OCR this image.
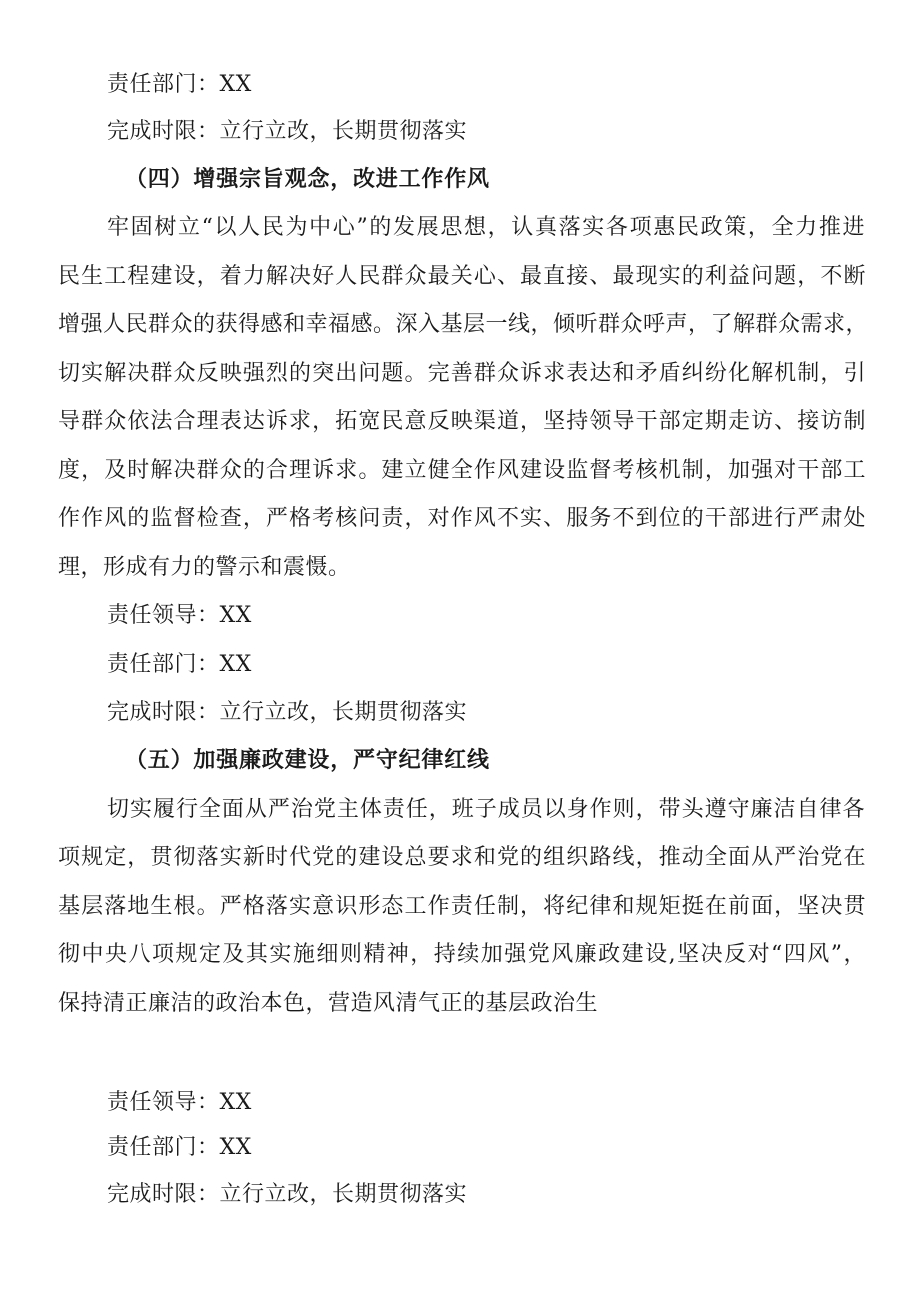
责任部门：XX
完成时限：立行立改，长期贯彻落实
（四）增强宗旨观念，改进工作作风
牢固树立“以人民为中心”的发展思想，认真落实各项惠民政策，全力推进
民生工程建设，着力解决好人民群众最关心、最直接、最现实的利益问题，不断
增强人民群众的获得感和幸福感。深入基层一线，倾听群众呼声，了解群众需求，
切实解决群众反映强烈的突出问题。完善群众诉求表达和矛盾纠纷化解机制，引
导群众依法合理表达诉求，拓宽民意反映渠道，坚持领导干部定期走访、接访制
度，及时解决群众的合理诉求。建立健全作风建设监督考核机制，加强对干部工
作作风的监督检查，严格考核问责，对作风不实、服务不到位的干部进行严肃处
理，形成有力的警示和震慑。
责任领导：XX
责任部门：XX
完成时限：立行立改，长期贯彻落实
（五）加强廉政建设，严守纪律红线
切实履行全面从严治党主体责任，班子成员以身作则，带头遵守廉洁自律各
项规定，贯彻落实新时代党的建设总要求和党的组织路线，推动全面从严治党在
基层落地生根。严格落实意识形态工作责任制，将纪律和规矩挺在前面，坚决贯
彻中央八项规定及其实施细则精神，持续加强党风廉政建设,坚决反对“四风”，
保持清正廉洁的政治本色，营造风清气正的基层政治生
责任领导：XX
责任部门：XX
完成时限：立行立改，长期贯彻落实
